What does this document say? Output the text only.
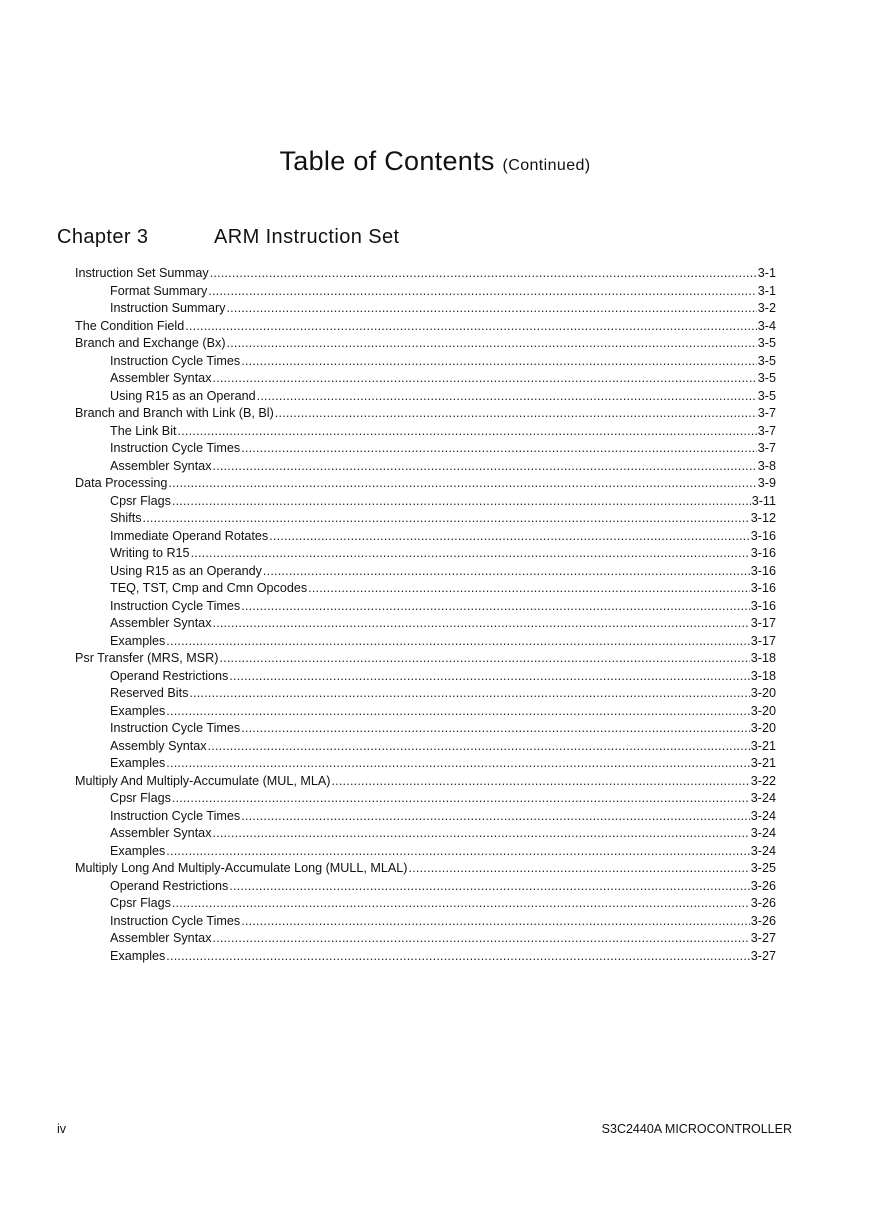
Table of Contents (Continued)
Chapter 3	ARM Instruction Set
Instruction Set Summay .....	3-1
Format Summary .....	3-1
Instruction Summary .....	3-2
The Condition Field .....	3-4
Branch and Exchange (Bx) .....	3-5
Instruction Cycle Times .....	3-5
Assembler Syntax .....	3-5
Using R15 as an Operand .....	3-5
Branch and Branch with Link (B, Bl) .....	3-7
The Link Bit .....	3-7
Instruction Cycle Times .....	3-7
Assembler Syntax .....	3-8
Data Processing .....	3-9
Cpsr Flags .....	3-11
Shifts .....	3-12
Immediate Operand Rotates .....	3-16
Writing to R15 .....	3-16
Using R15 as an Operandy .....	3-16
TEQ, TST, Cmp and Cmn Opcodes .....	3-16
Instruction Cycle Times .....	3-16
Assembler Syntax .....	3-17
Examples .....	3-17
Psr Transfer (MRS, MSR) .....	3-18
Operand Restrictions .....	3-18
Reserved Bits .....	3-20
Examples .....	3-20
Instruction Cycle Times .....	3-20
Assembly Syntax .....	3-21
Examples .....	3-21
Multiply And Multiply-Accumulate (MUL, MLA) .....	3-22
Cpsr Flags .....	3-24
Instruction Cycle Times .....	3-24
Assembler Syntax .....	3-24
Examples .....	3-24
Multiply Long And Multiply-Accumulate Long (MULL, MLAL) .....	3-25
Operand Restrictions .....	3-26
Cpsr Flags .....	3-26
Instruction Cycle Times .....	3-26
Assembler Syntax .....	3-27
Examples .....	3-27
iv	S3C2440A MICROCONTROLLER
